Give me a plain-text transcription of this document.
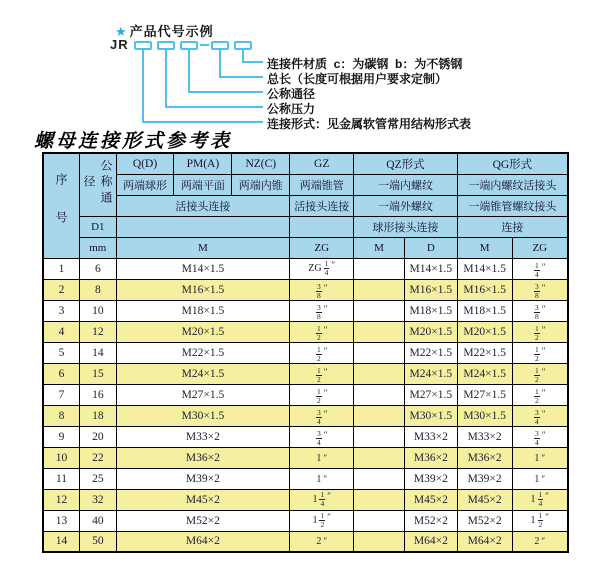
★ 产品代号示例
JR
连接件材质  c：为碳钢  b：为不锈钢
总长（长度可根据用户要求定制）
公称通径
公称压力
连接形式：见金属软管常用结构形式表
螺母连接形式参考表
序号	公称通径	Q(D)	PM(A)	NZ(C)	GZ	QZ形式		QG形式	
		两端球形	两端平面	两端内锥	两端锥管	一端内螺纹		一端内螺纹活接头	
		活接头连接			活接头连接	一端外螺纹		一端锥管螺纹接头	
	D1					球形接头连接		连接	
	mm	M			ZG	M	D	M	ZG
1	6	M14×1.5			ZG $\frac{1}{4}$ ″		M14×1.5	M14×1.5	$\frac{1}{4}$ ″

2	8	M16×1.5			$\frac{3}{8}$ ″		M16×1.5	M16×1.5	$\frac{3}{8}$ ″

3	10	M18×1.5			$\frac{3}{8}$ ″		M18×1.5	M18×1.5	$\frac{3}{8}$ ″

4	12	M20×1.5			$\frac{1}{2}$ ″		M20×1.5	M20×1.5	$\frac{1}{2}$ ″

5	14	M22×1.5			$\frac{1}{2}$ ″		M22×1.5	M22×1.5	$\frac{1}{2}$ ″

6	15	M24×1.5			$\frac{1}{2}$ ″		M24×1.5	M24×1.5	$\frac{1}{2}$ ″

7	16	M27×1.5			$\frac{1}{2}$ ″		M27×1.5	M27×1.5	$\frac{1}{2}$ ″

8	18	M30×1.5			$\frac{3}{4}$ ″		M30×1.5	M30×1.5	$\frac{3}{4}$ ″

9	20	M33×2			$\frac{3}{4}$ ″		M33×2	M33×2	$\frac{3}{4}$ ″

10	22	M36×2			1 ″		M36×2	M36×2	1 ″

11	25	M39×2			1 ″		M39×2	M39×2	1 ″

12	32	M45×2			$1 \frac{1}{4}$ ″		M45×2	M45×2	$1 \frac{1}{4}$ ″

13	40	M52×2			$1 \frac{1}{2}$ ″		M52×2	M52×2	$1 \frac{1}{2}$ ″

14	50	M64×2			2 ″		M64×2	M64×2	2 ″
